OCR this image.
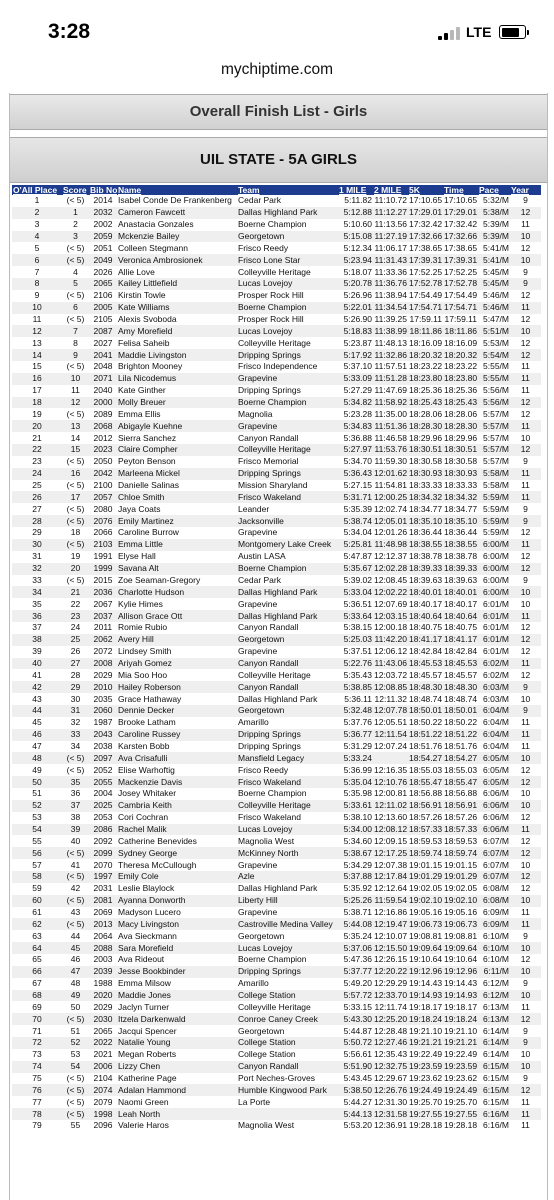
3:28	LTE
mychiptime.com
Overall Finish List - Girls
UIL STATE - 5A GIRLS
O'All Place	Score	Bib No	Name	Team	1 MILE	2 MILE	5K	Time	Pace	Year
1	(< 5)	2014	Isabel Conde De Frankenberg	Cedar Park	5:11.82	11:10.72	17:10.65	17:10.65	5:32/M	9
2	1	2032	Cameron Fawcett	Dallas Highland Park	5:12.88	11:12.27	17:29.01	17:29.01	5:38/M	12
3	2	2002	Anastacia Gonzales	Boerne Champion	5:10.60	11:13.56	17:32.42	17:32.42	5:39/M	11
4	3	2059	Mckenzie Bailey	Georgetown	5:15.08	11:27.19	17:32.66	17:32.66	5:39/M	10
5	(< 5)	2051	Colleen Stegmann	Frisco Reedy	5:12.34	11:06.17	17:38.65	17:38.65	5:41/M	12
6	(< 5)	2049	Veronica Ambrosionek	Frisco Lone Star	5:23.94	11:31.43	17:39.31	17:39.31	5:41/M	10
7	4	2026	Allie Love	Colleyville Heritage	5:18.07	11:33.36	17:52.25	17:52.25	5:45/M	9
8	5	2065	Kailey Littlefield	Lucas Lovejoy	5:20.78	11:36.76	17:52.78	17:52.78	5:45/M	9
9	(< 5)	2106	Kirstin Towle	Prosper Rock Hill	5:26.96	11:38.94	17:54.49	17:54.49	5:46/M	12
10	6	2005	Kate Williams	Boerne Champion	5:22.01	11:34.54	17:54.71	17:54.71	5:46/M	11
11	(< 5)	2105	Alexis Svoboda	Prosper Rock Hill	5:26.90	11:39.25	17:59.11	17:59.11	5:47/M	12
12	7	2087	Amy Morefield	Lucas Lovejoy	5:18.83	11:38.99	18:11.86	18:11.86	5:51/M	10
13	8	2027	Felisa Saheib	Colleyville Heritage	5:23.87	11:48.13	18:16.09	18:16.09	5:53/M	12
14	9	2041	Maddie Livingston	Dripping Springs	5:17.92	11:32.86	18:20.32	18:20.32	5:54/M	12
15	(< 5)	2048	Brighton Mooney	Frisco Independence	5:37.10	11:57.51	18:23.22	18:23.22	5:55/M	11
16	10	2071	Lila Nicodemus	Grapevine	5:33.09	11:51.28	18:23.80	18:23.80	5:55/M	11
17	11	2040	Kate Ginther	Dripping Springs	5:27.29	11:47.69	18:25.36	18:25.36	5:56/M	11
18	12	2000	Molly Breuer	Boerne Champion	5:34.82	11:58.92	18:25.43	18:25.43	5:56/M	12
19	(< 5)	2089	Emma Ellis	Magnolia	5:23.28	11:35.00	18:28.06	18:28.06	5:57/M	12
20	13	2068	Abigayle Kuehne	Grapevine	5:34.83	11:51.36	18:28.30	18:28.30	5:57/M	11
21	14	2012	Sierra Sanchez	Canyon Randall	5:36.88	11:46.58	18:29.96	18:29.96	5:57/M	10
22	15	2023	Claire Compher	Colleyville Heritage	5:27.97	11:53.76	18:30.51	18:30.51	5:57/M	12
23	(< 5)	2050	Peyton Benson	Frisco Memorial	5:34.70	11:59.30	18:30.58	18:30.58	5:57/M	9
24	16	2042	Marleena Mickel	Dripping Springs	5:36.43	12:01.62	18:30.93	18:30.93	5:58/M	11
25	(< 5)	2100	Danielle Salinas	Mission Sharyland	5:27.15	11:54.81	18:33.33	18:33.33	5:58/M	11
26	17	2057	Chloe Smith	Frisco Wakeland	5:31.71	12:00.25	18:34.32	18:34.32	5:59/M	11
27	(< 5)	2080	Jaya Coats	Leander	5:35.39	12:02.74	18:34.77	18:34.77	5:59/M	9
28	(< 5)	2076	Emily Martinez	Jacksonville	5:38.74	12:05.01	18:35.10	18:35.10	5:59/M	9
29	18	2066	Caroline Burrow	Grapevine	5:34.04	12:01.26	18:36.44	18:36.44	5:59/M	12
30	(< 5)	2103	Emma Little	Montgomery Lake Creek	5:25.81	11:48.98	18:38.55	18:38.55	6:00/M	11
31	19	1991	Elyse Hall	Austin LASA	5:47.87	12:12.37	18:38.78	18:38.78	6:00/M	12
32	20	1999	Savana Alt	Boerne Champion	5:35.67	12:02.28	18:39.33	18:39.33	6:00/M	12
33	(< 5)	2015	Zoe Seaman-Gregory	Cedar Park	5:39.02	12:08.45	18:39.63	18:39.63	6:00/M	9
34	21	2036	Charlotte Hudson	Dallas Highland Park	5:33.04	12:02.22	18:40.01	18:40.01	6:00/M	10
35	22	2067	Kylie Himes	Grapevine	5:36.51	12:07.69	18:40.17	18:40.17	6:01/M	10
36	23	2037	Allison Grace Ott	Dallas Highland Park	5:33.64	12:03.15	18:40.64	18:40.64	6:01/M	11
37	24	2011	Romie Rubio	Canyon Randall	5:38.15	12:00.18	18:40.75	18:40.75	6:01/M	12
38	25	2062	Avery Hill	Georgetown	5:25.03	11:42.20	18:41.17	18:41.17	6:01/M	12
39	26	2072	Lindsey Smith	Grapevine	5:37.51	12:06.12	18:42.84	18:42.84	6:01/M	12
40	27	2008	Ariyah Gomez	Canyon Randall	5:22.76	11:43.06	18:45.53	18:45.53	6:02/M	11
41	28	2029	Mia Soo Hoo	Colleyville Heritage	5:35.43	12:03.72	18:45.57	18:45.57	6:02/M	12
42	29	2010	Hailey Roberson	Canyon Randall	5:38.85	12:08.85	18:48.30	18:48.30	6:03/M	9
43	30	2035	Grace Hathaway	Dallas Highland Park	5:36.11	12:11.32	18:48.74	18:48.74	6:03/M	10
44	31	2060	Dennie Decker	Georgetown	5:32.48	12:07.78	18:50.01	18:50.01	6:04/M	9
45	32	1987	Brooke Latham	Amarillo	5:37.76	12:05.51	18:50.22	18:50.22	6:04/M	11
46	33	2043	Caroline Russey	Dripping Springs	5:36.77	12:11.54	18:51.22	18:51.22	6:04/M	11
47	34	2038	Karsten Bobb	Dripping Springs	5:31.29	12:07.24	18:51.76	18:51.76	6:04/M	11
48	(< 5)	2097	Ava Crisafulli	Mansfield Legacy	5:33.24		18:54.27	18:54.27	6:05/M	10
49	(< 5)	2052	Elise Warhoftig	Frisco Reedy	5:36.99	12:16.35	18:55.03	18:55.03	6:05/M	12
50	35	2055	Mackenzie Davis	Frisco Wakeland	5:35.04	12:10.76	18:55.47	18:55.47	6:05/M	12
51	36	2004	Josey Whitaker	Boerne Champion	5:35.98	12:00.81	18:56.88	18:56.88	6:06/M	10
52	37	2025	Cambria Keith	Colleyville Heritage	5:33.61	12:11.02	18:56.91	18:56.91	6:06/M	10
53	38	2053	Cori Cochran	Frisco Wakeland	5:38.10	12:13.60	18:57.26	18:57.26	6:06/M	12
54	39	2086	Rachel Malik	Lucas Lovejoy	5:34.00	12:08.12	18:57.33	18:57.33	6:06/M	11
55	40	2092	Catherine Benevides	Magnolia West	5:34.60	12:09.15	18:59.53	18:59.53	6:07/M	12
56	(< 5)	2099	Sydney George	McKinney North	5:38.67	12:17.25	18:59.74	18:59.74	6:07/M	12
57	41	2070	Theresa McCullough	Grapevine	5:34.29	12:07.38	19:01.15	19:01.15	6:07/M	10
58	(< 5)	1997	Emily Cole	Azle	5:37.88	12:17.84	19:01.29	19:01.29	6:07/M	12
59	42	2031	Leslie Blaylock	Dallas Highland Park	5:35.92	12:12.64	19:02.05	19:02.05	6:08/M	12
60	(< 5)	2081	Ayanna Donworth	Liberty Hill	5:25.26	11:59.54	19:02.10	19:02.10	6:08/M	10
61	43	2069	Madyson Lucero	Grapevine	5:38.71	12:16.86	19:05.16	19:05.16	6:09/M	11
62	(< 5)	2013	Macy Livingston	Castroville Medina Valley	5:44.08	12:19.47	19:06.73	19:06.73	6:09/M	11
63	44	2064	Ava Sieckmann	Georgetown	5:35.24	12:10.07	19:08.81	19:08.81	6:10/M	9
64	45	2088	Sara Morefield	Lucas Lovejoy	5:37.06	12:15.50	19:09.64	19:09.64	6:10/M	10
65	46	2003	Ava Rideout	Boerne Champion	5:47.36	12:26.15	19:10.64	19:10.64	6:10/M	12
66	47	2039	Jesse Bookbinder	Dripping Springs	5:37.77	12:20.22	19:12.96	19:12.96	6:11/M	10
67	48	1988	Emma Milsow	Amarillo	5:49.20	12:29.29	19:14.43	19:14.43	6:12/M	9
68	49	2020	Maddie Jones	College Station	5:57.72	12:33.70	19:14.93	19:14.93	6:12/M	10
69	50	2029	Jaclyn Turner	Colleyville Heritage	5:33.15	12:11.74	19:18.17	19:18.17	6:13/M	11
70	(< 5)	2030	Itzela Darkenwald	Conroe Caney Creek	5:43.30	12:25.20	19:18.24	19:18.24	6:13/M	12
71	51	2065	Jacqui Spencer	Georgetown	5:44.87	12:28.48	19:21.10	19:21.10	6:14/M	9
72	52	2022	Natalie Young	College Station	5:50.72	12:27.46	19:21.21	19:21.21	6:14/M	9
73	53	2021	Megan Roberts	College Station	5:56.61	12:35.43	19:22.49	19:22.49	6:14/M	10
74	54	2006	Lizzy Chen	Canyon Randall	5:51.90	12:32.75	19:23.59	19:23.59	6:15/M	10
75	(< 5)	2104	Katherine Page	Port Neches-Groves	5:43.45	12:29.67	19:23.62	19:23.62	6:15/M	9
76	(< 5)	2074	Adalan Hammond	Humble Kingwood Park	5:38.50	12:26.76	19:24.49	19:24.49	6:15/M	12
77	(< 5)	2079	Naomi Green	La Porte	5:44.27	12:31.30	19:25.70	19:25.70	6:15/M	11
78	(< 5)	1998	Leah North		5:44.13	12:31.58	19:27.55	19:27.55	6:16/M	11
79	55	2096	Valerie Haros	Magnolia West	5:53.20	12:36.91	19:28.18	19:28.18	6:16/M	11
